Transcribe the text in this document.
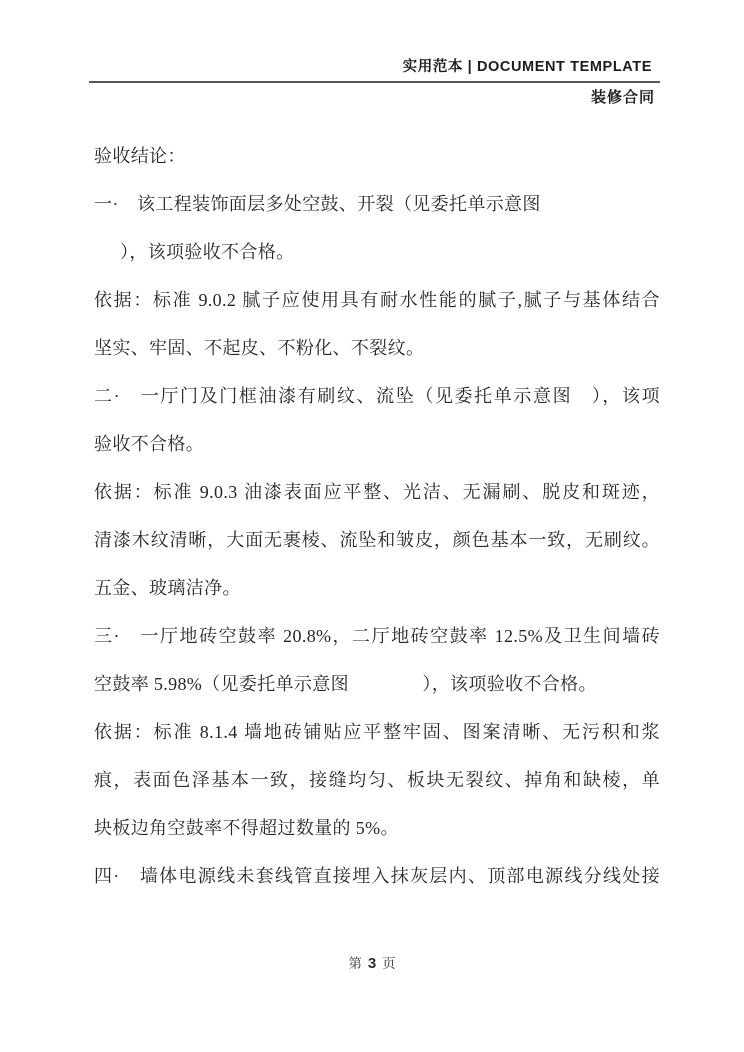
实用范本 | DOCUMENT TEMPLATE
装修合同
验收结论：
一·　该工程装饰面层多处空鼓、开裂（见委托单示意图
），该项验收不合格。
依据：标准 9.0.2 腻子应使用具有耐水性能的腻子,腻子与基体结合
坚实、牢固、不起皮、不粉化、不裂纹。
二·　一厅门及门框油漆有刷纹、流坠（见委托单示意图　），该项
验收不合格。
依据：标准 9.0.3 油漆表面应平整、光洁、无漏刷、脱皮和斑迹，
清漆木纹清晰，大面无裹棱、流坠和皱皮，颜色基本一致，无刷纹。
五金、玻璃洁净。
三·　一厅地砖空鼓率 20.8%，二厅地砖空鼓率 12.5%及卫生间墙砖
空鼓率 5.98%（见委托单示意图　　　　），该项验收不合格。
依据：标准 8.1.4 墙地砖铺贴应平整牢固、图案清晰、无污积和浆
痕，表面色泽基本一致，接缝均匀、板块无裂纹、掉角和缺棱，单
块板边角空鼓率不得超过数量的 5%。
四·　墙体电源线未套线管直接埋入抹灰层内、顶部电源线分线处接
第 3 页
